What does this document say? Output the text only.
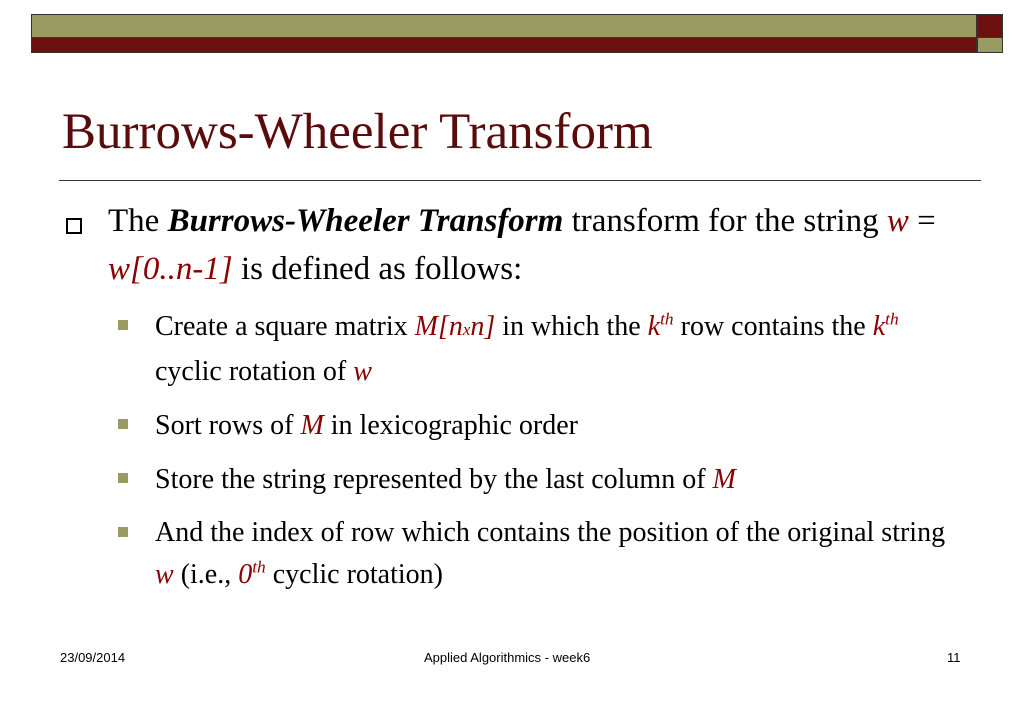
Burrows-Wheeler Transform
The Burrows-Wheeler Transform transform for the string w = w[0..n-1] is defined as follows:
Create a square matrix M[nxn] in which the $k^{th}$ row contains the $k^{th}$ cyclic rotation of w
Sort rows of M in lexicographic order
Store the string represented by the last column of M
And the index of row which contains the position of the original string w (i.e., 0th cyclic rotation)
23/09/2014	Applied Algorithmics - week6	11
